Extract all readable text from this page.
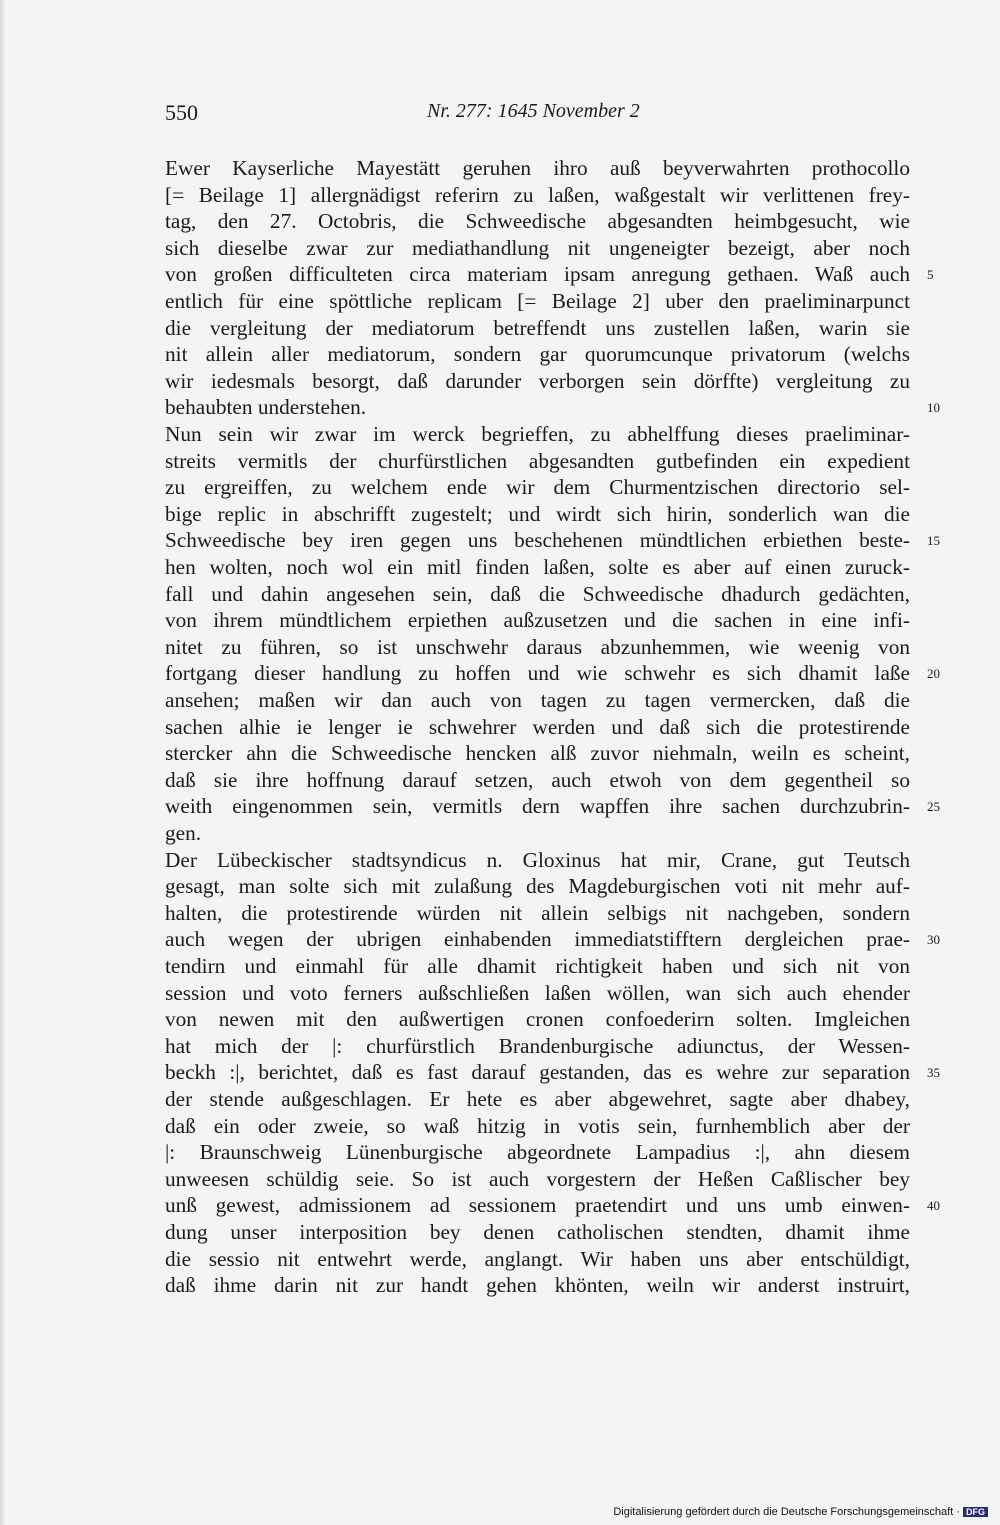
550	Nr. 277: 1645 November 2
Ewer Kayserliche Mayestätt geruhen ihro auß beyverwahrten prothocollo
[= Beilage 1] allergnädigst referirn zu laßen, waßgestalt wir verlittenen frey-
tag, den 27. Octobris, die Schweedische abgesandten heimbgesucht, wie
sich dieselbe zwar zur mediathandlung nit ungeneigter bezeigt, aber noch
von großen difficulteten circa materiam ipsam anregung gethaen. Waß auch 5
entlich für eine spöttliche replicam [= Beilage 2] uber den praeliminarpunct
die vergleitung der mediatorum betreffendt uns zustellen laßen, warin sie
nit allein aller mediatorum, sondern gar quorumcunque privatorum (welchs
wir iedesmals besorgt, daß darunder verborgen sein dörffte) vergleitung zu
behaubten understehen.	10
Nun sein wir zwar im werck begrieffen, zu abhelffung dieses praeliminar-
streits vermitls der churfürstlichen abgesandten gutbefinden ein expedient
zu ergreiffen, zu welchem ende wir dem Churmentzischen directorio sel-
bige replic in abschrifft zugestelt; und wirdt sich hirin, sonderlich wan die
Schweedische bey iren gegen uns beschehenen mündtlichen erbiethen beste- 15
hen wolten, noch wol ein mitl finden laßen, solte es aber auf einen zuruck-
fall und dahin angesehen sein, daß die Schweedische dhadurch gedächten,
von ihrem mündtlichem erpiethen außzusetzen und die sachen in eine infi-
nitet zu führen, so ist unschwehr daraus abzunhemmen, wie weenig von
fortgang dieser handlung zu hoffen und wie schwehr es sich dhamit laße 20
ansehen; maßen wir dan auch von tagen zu tagen vermercken, daß die
sachen alhie ie lenger ie schwehrer werden und daß sich die protestirende
stercker ahn die Schweedische hencken alß zuvor niehmaln, weiln es scheint,
daß sie ihre hoffnung darauf setzen, auch etwoh von dem gegentheil so
weith eingenommen sein, vermitls dern wapffen ihre sachen durchzubrin- 25
gen.
Der Lübeckischer stadtsyndicus n. Gloxinus hat mir, Crane, gut Teutsch
gesagt, man solte sich mit zulaßung des Magdeburgischen voti nit mehr auf-
halten, die protestirende würden nit allein selbigs nit nachgeben, sondern
auch wegen der ubrigen einhabenden immediatstifftern dergleichen prae- 30
tendirn und einmahl für alle dhamit richtigkeit haben und sich nit von
session und voto ferners außschließen laßen wöllen, wan sich auch ehender
von newen mit den außwertigen cronen confoederirn solten. Imgleichen
hat mich der |: churfürstlich Brandenburgische adiunctus, der Wessen-
beckh :|, berichtet, daß es fast darauf gestanden, das es wehre zur separation 35
der stende außgeschlagen. Er hete es aber abgewehret, sagte aber dhabey,
daß ein oder zweie, so waß hitzig in votis sein, furnhemblich aber der
|: Braunschweig Lünenburgische abgeordnete Lampadius :|, ahn diesem
unweesen schüldig seie. So ist auch vorgestern der Heßen Caßlischer bey
unß gewest, admissionem ad sessionem praetendirt und uns umb einwen- 40
dung unser interposition bey denen catholischen stendten, dhamit ihme
die sessio nit entwehrt werde, anglangt. Wir haben uns aber entschüldigt,
daß ihme darin nit zur handt gehen khönten, weiln wir anderst instruirt,
Digitalisierung gefördert durch die Deutsche Forschungsgemeinschaft · DFG
